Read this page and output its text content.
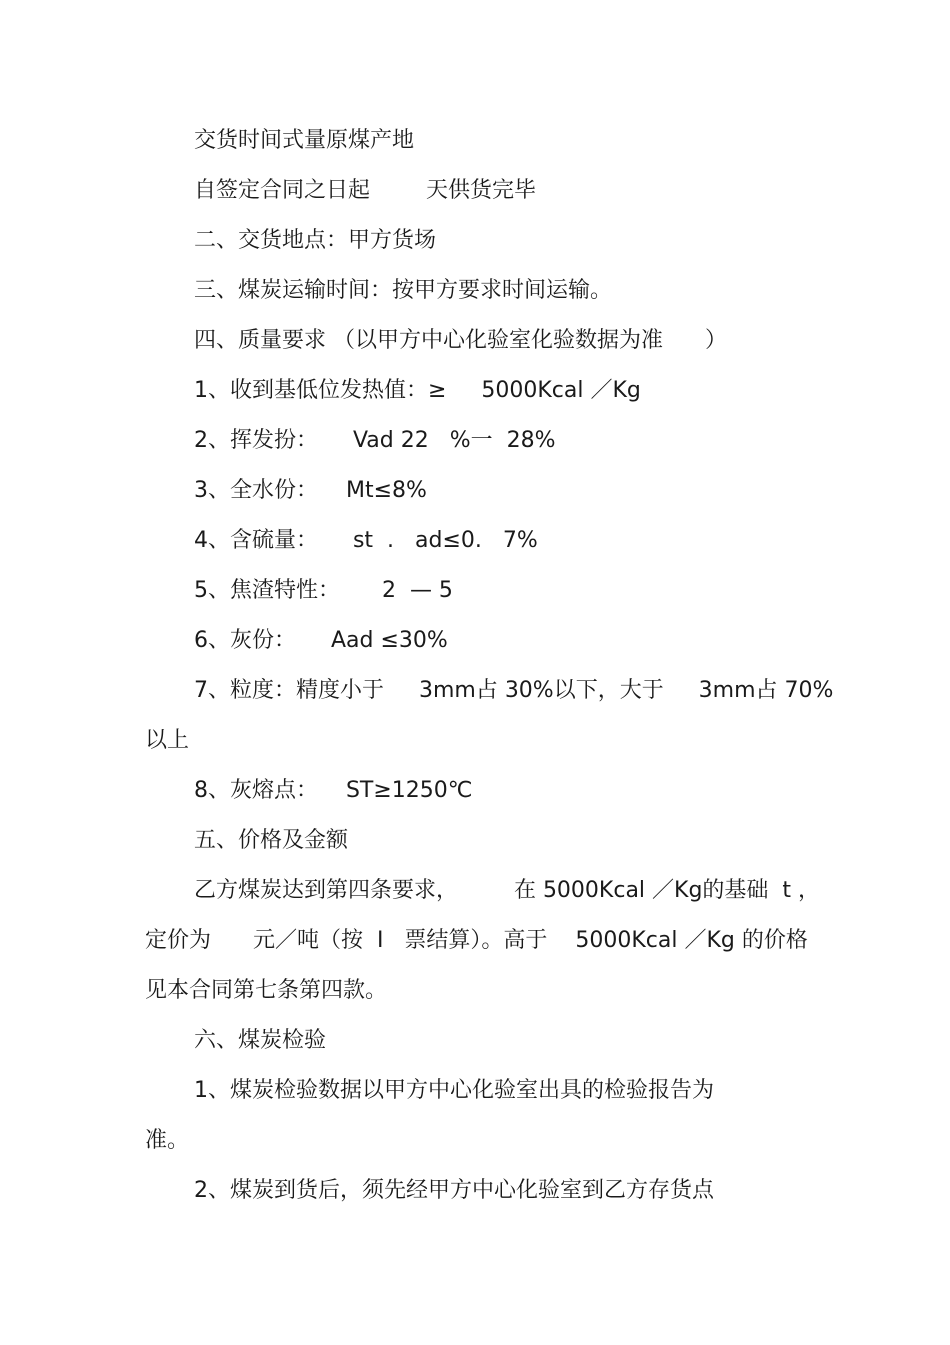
交货时间式量原煤产地
自签定合同之日起        天供货完毕
二、交货地点：甲方货场
三、煤炭运输时间：按甲方要求时间运输。
四、质量要求 （以甲方中心化验室化验数据为准      ）
1、收到基低位发热值：≥     5000Kcal ／Kg
2、挥发扮：     Vad 22   %一  28%
3、全水份：    Mt≤8%
4、含硫量：     st  .   ad≤0.   7%
5、焦渣特性：      2  — 5
6、灰份：     Aad ≤30%
7、粒度：精度小于     3mm占 30%以下，大于     3mm占 70%
以上
8、灰熔点：    ST≥1250℃
五、价格及金额
乙方煤炭达到第四条要求，        在 5000Kcal ／Kg的基础  t ，
定价为      元／吨（按  I   票结算）。高于    5000Kcal ／Kg 的价格
见本合同第七条第四款。
六、煤炭检验
1、煤炭检验数据以甲方中心化验室出具的检验报告为
准。
2、煤炭到货后，须先经甲方中心化验室到乙方存货点
